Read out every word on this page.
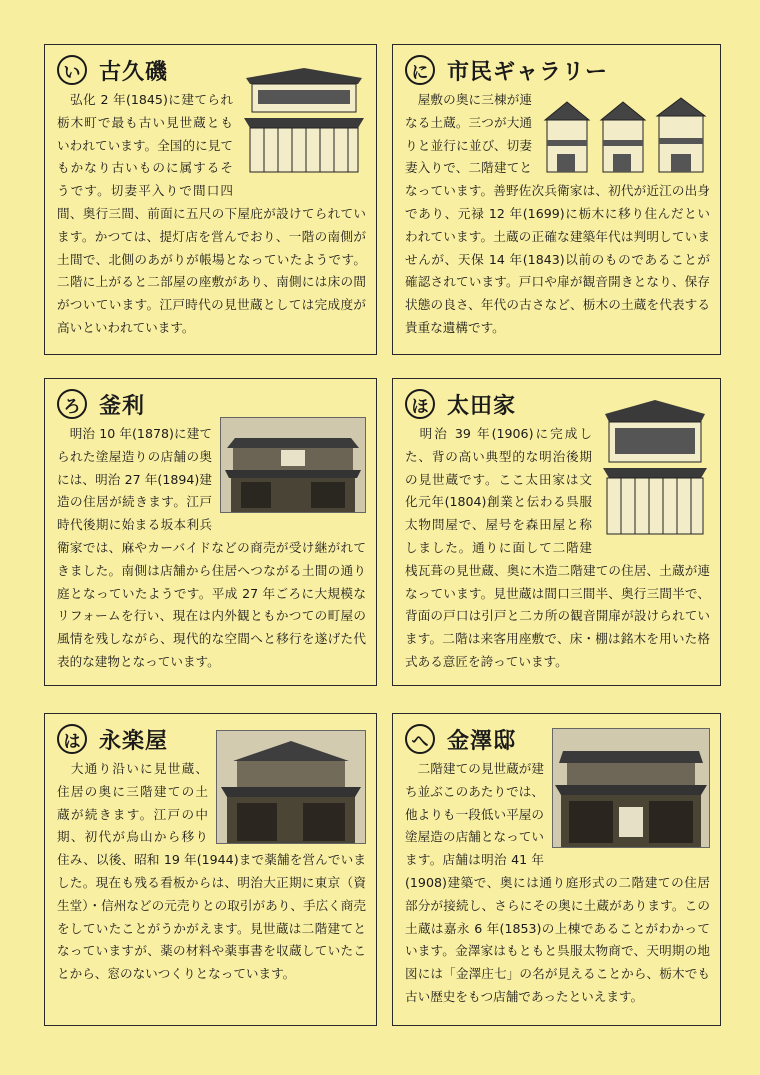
い 古久磯
　弘化 2 年(1845)に建てられ栃木町で最も古い見世蔵ともいわれています。全国的に見てもかなり古いものに属するそうです。切妻平入りで間口四間、奥行三間、前面に五尺の下屋庇が設けてられています。かつては、提灯店を営んでおり、一階の南側が土間で、北側のあがりが帳場となっていたようです。二階に上がると二部屋の座敷があり、南側には床の間がついています。江戸時代の見世蔵としては完成度が高いといわれています。
に 市民ギャラリー
　屋敷の奥に三棟が連なる土蔵。三つが大通りと並行に並び、切妻妻入りで、二階建てとなっています。善野佐次兵衛家は、初代が近江の出身であり、元禄 12 年(1699)に栃木に移り住んだといわれています。土蔵の正確な建築年代は判明していませんが、天保 14 年(1843)以前のものであることが確認されています。戸口や扉が観音開きとなり、保存状態の良さ、年代の古さなど、栃木の土蔵を代表する貴重な遺構です。
ろ 釜利
　明治 10 年(1878)に建てられた塗屋造りの店舗の奥には、明治 27 年(1894)建造の住居が続きます。江戸時代後期に始まる坂本利兵衛家では、麻やカーバイドなどの商売が受け継がれてきました。南側は店舗から住居へつながる土間の通り庭となっていたようです。平成 27 年ごろに大規模なリフォームを行い、現在は内外観ともかつての町屋の風情を残しながら、現代的な空間へと移行を遂げた代表的な建物となっています。
ほ 太田家
　明治 39 年(1906)に完成した、背の高い典型的な明治後期の見世蔵です。ここ太田家は文化元年(1804)創業と伝わる呉服太物問屋で、屋号を森田屋と称しました。通りに面して二階建桟瓦葺の見世蔵、奥に木造二階建ての住居、土蔵が連なっています。見世蔵は間口三間半、奥行三間半で、背面の戸口は引戸と二カ所の観音開扉が設けられています。二階は来客用座敷で、床・棚は銘木を用いた格式ある意匠を誇っています。
は 永楽屋
　大通り沿いに見世蔵、住居の奥に三階建ての土蔵が続きます。江戸の中期、初代が烏山から移り住み、以後、昭和 19 年(1944)まで薬舗を営んでいました。現在も残る看板からは、明治大正期に東京（資生堂）・信州などの元売りとの取引があり、手広く商売をしていたことがうかがえます。見世蔵は二階建てとなっていますが、薬の材料や薬事書を収蔵していたことから、窓のないつくりとなっています。
へ 金澤邸
　二階建ての見世蔵が建ち並ぶこのあたりでは、他よりも一段低い平屋の塗屋造の店舗となっています。店舗は明治 41 年(1908)建築で、奥には通り庭形式の二階建ての住居部分が接続し、さらにその奥に土蔵があります。この土蔵は嘉永 6 年(1853)の上棟であることがわかっています。金澤家はもともと呉服太物商で、天明期の地図には「金澤庄七」の名が見えることから、栃木でも古い歴史をもつ店舗であったといえます。
